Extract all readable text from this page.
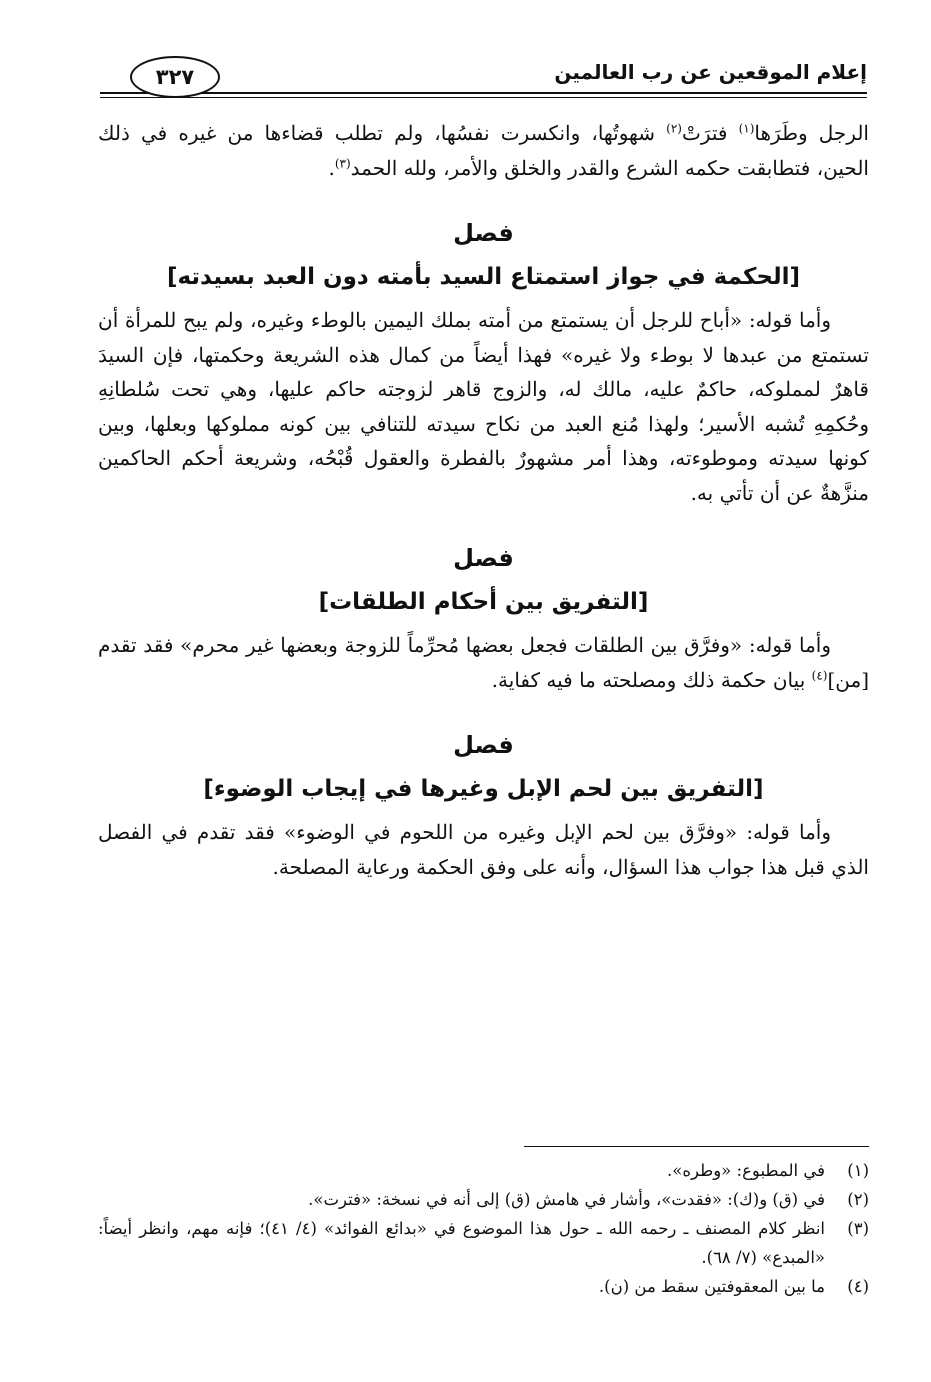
إعلام الموقعين عن رب العالمين
٣٢٧

الرجل وطَرَها$^{(١)}$ فترَتْ$^{(٢)}$ شهوتُها، وانكسرت نفسُها، ولم تطلب قضاءها من غيره في ذلك الحين، فتطابقت حكمه الشرع والقدر والخلق والأمر، ولله الحمد$^{(٣)}$.

فصل
[الحكمة في جواز استمتاع السيد بأمته دون العبد بسيدته]

وأما قوله: «أباح للرجل أن يستمتع من أمته بملك اليمين بالوطء وغيره، ولم يبح للمرأة أن تستمتع من عبدها لا بوطء ولا غيره» فهذا أيضاً من كمال هذه الشريعة وحكمتها، فإن السيدَ قاهرٌ لمملوكه، حاكمٌ عليه، مالك له، والزوج قاهر لزوجته حاكم عليها، وهي تحت سُلطانِهِ وحُكمِهِ تُشبه الأسير؛ ولهذا مُنع العبد من نكاح سيدته للتنافي بين كونه مملوكها وبعلها، وبين كونها سيدته وموطوءته، وهذا أمر مشهورٌ بالفطرة والعقول قُبْحُه، وشريعة أحكم الحاكمين منزَّهةٌ عن أن تأتي به.

فصل
[التفريق بين أحكام الطلقات]

وأما قوله: «وفرَّق بين الطلقات فجعل بعضها مُحرِّماً للزوجة وبعضها غير محرم» فقد تقدم [من]$^{(٤)}$ بيان حكمة ذلك ومصلحته ما فيه كفاية.

فصل
[التفريق بين لحم الإبل وغيرها في إيجاب الوضوء]

وأما قوله: «وفرَّق بين لحم الإبل وغيره من اللحوم في الوضوء» فقد تقدم في الفصل الذي قبل هذا جواب هذا السؤال، وأنه على وفق الحكمة ورعاية المصلحة.

(١)
في المطبوع: «وطره».
(٢)
في (ق) و(ك): «فقدت»، وأشار في هامش (ق) إلى أنه في نسخة: «فترت».
(٣)
انظر كلام المصنف ـ رحمه الله ـ حول هذا الموضوع في «بدائع الفوائد» (٤/ ٤١)؛ فإنه مهم، وانظر أيضاً: «المبدع» (٧/ ٦٨).
(٤)
ما بين المعقوفتين سقط من (ن).
